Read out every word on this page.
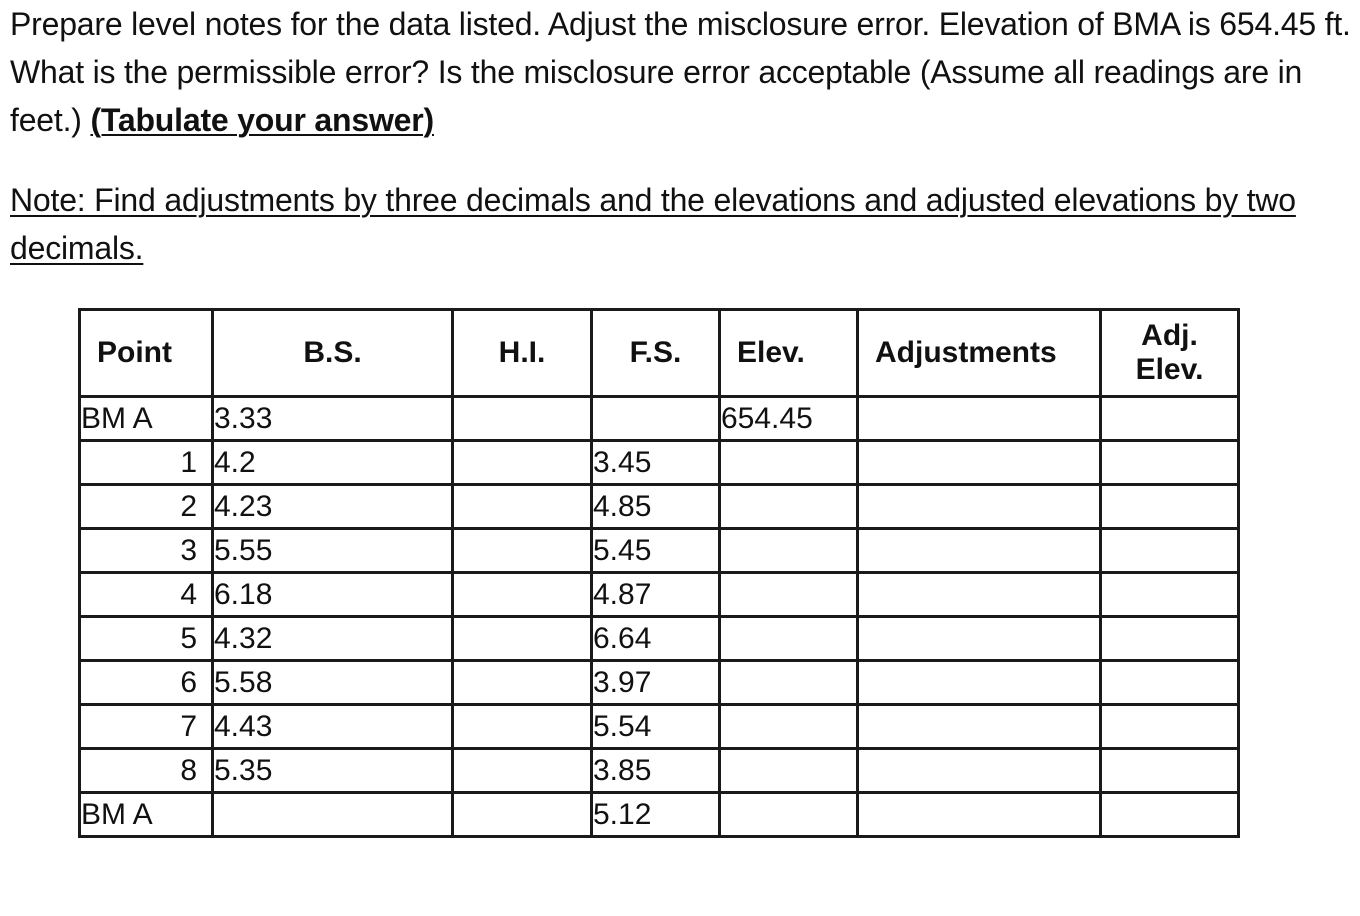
Prepare level notes for the data listed. Adjust the misclosure error. Elevation of BMA is 654.45 ft. What is the permissible error? Is the misclosure error acceptable (Assume all readings are in feet.) (Tabulate your answer)
Note: Find adjustments by three decimals and the elevations and adjusted elevations by two decimals.
Point	B.S.	H.I.	F.S.	Elev.	Adjustments	Adj.
Elev.
BM A	3.33			654.45		
1	4.2		3.45			
2	4.23		4.85			
3	5.55		5.45			
4	6.18		4.87			
5	4.32		6.64			
6	5.58		3.97			
7	4.43		5.54			
8	5.35		3.85			
BM A			5.12			
